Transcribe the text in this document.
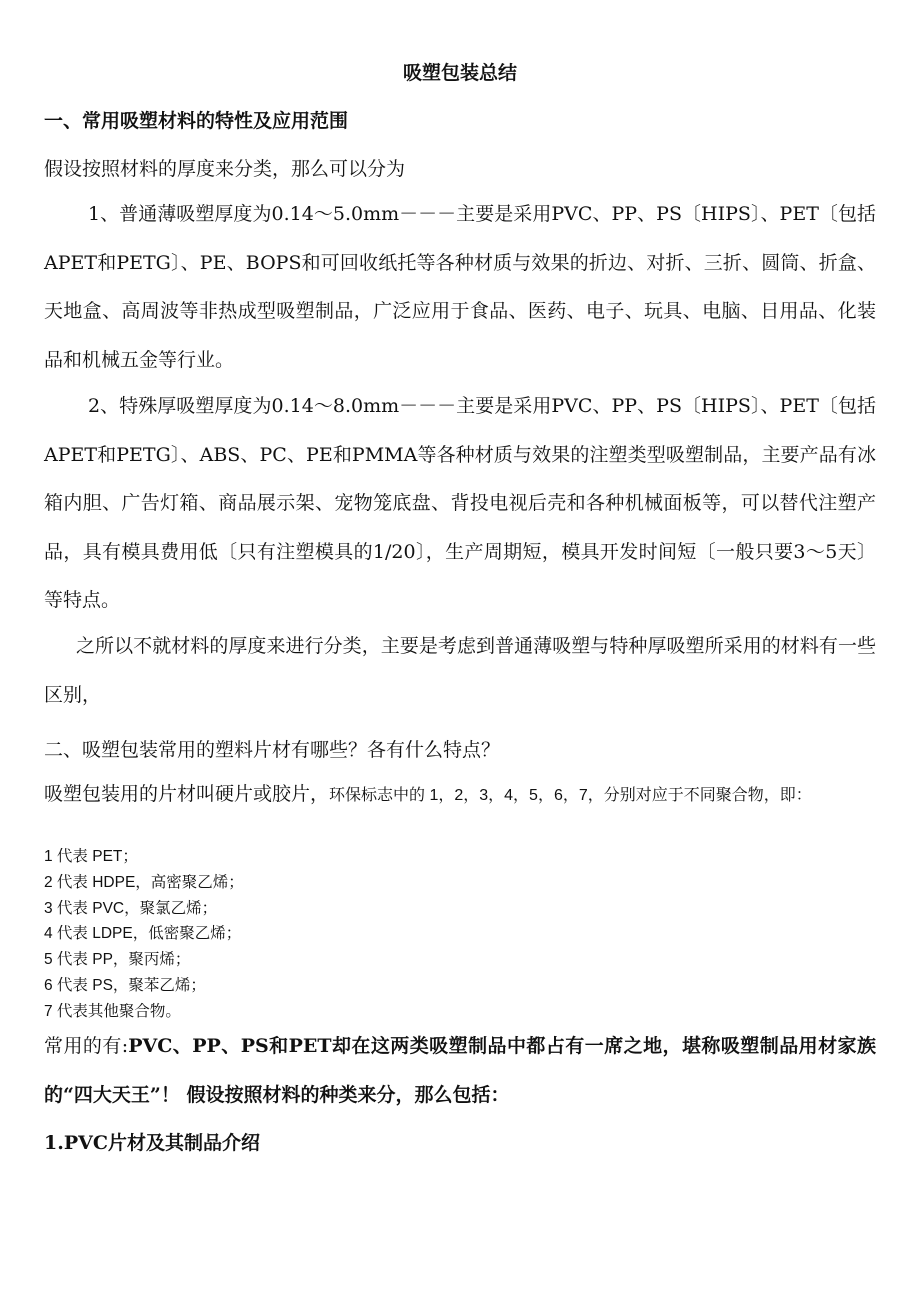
吸塑包装总结
一、常用吸塑材料的特性及应用范围
假设按照材料的厚度来分类，那么可以分为
1、普通薄吸塑厚度为0.14～5.0mm－－－主要是采用PVC、PP、PS〔HIPS〕、PET〔包括APET和PETG〕、PE、BOPS和可回收纸托等各种材质与效果的折边、对折、三折、圆筒、折盒、天地盒、高周波等非热成型吸塑制品，广泛应用于食品、医药、电子、玩具、电脑、日用品、化装品和机械五金等行业。
2、特殊厚吸塑厚度为0.14～8.0mm－－－主要是采用PVC、PP、PS〔HIPS〕、PET〔包括APET和PETG〕、ABS、PC、PE和PMMA等各种材质与效果的注塑类型吸塑制品，主要产品有冰箱内胆、广告灯箱、商品展示架、宠物笼底盘、背投电视后壳和各种机械面板等，可以替代注塑产品，具有模具费用低〔只有注塑模具的1/20〕，生产周期短，模具开发时间短〔一般只要3～5天〕等特点。
之所以不就材料的厚度来进行分类，主要是考虑到普通薄吸塑与特种厚吸塑所采用的材料有一些区别，
二、吸塑包装常用的塑料片材有哪些？各有什么特点？
吸塑包装用的片材叫硬片或胶片，环保标志中的 1，2，3，4，5，6，7，分别对应于不同聚合物，即：
1 代表 PET；
2 代表 HDPE，高密聚乙烯；
3 代表 PVC，聚氯乙烯；
4 代表 LDPE，低密聚乙烯；
5 代表 PP，聚丙烯；
6 代表 PS，聚苯乙烯；
7 代表其他聚合物。
常用的有:PVC、PP、PS和PET却在这两类吸塑制品中都占有一席之地，堪称吸塑制品用材家族的“四大天王”！ 假设按照材料的种类来分，那么包括：
1.PVC片材及其制品介绍
